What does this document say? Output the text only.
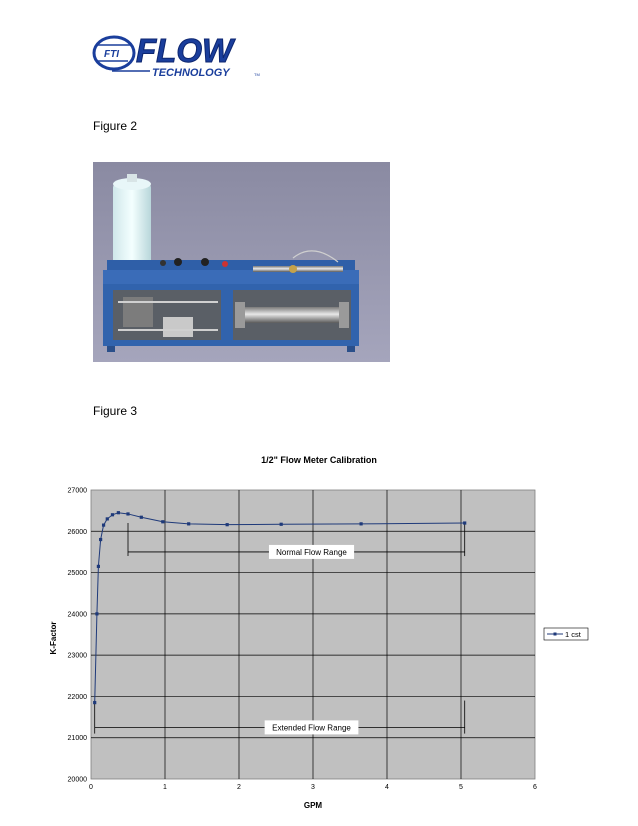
FTI FLOW
TECHNOLOGY	TM
Figure 2
Figure 3
1/2" Flow Meter Calibration
20000
21000
22000
23000
24000
25000
26000
27000
0	1	2	3	4	5	6
Normal Flow Range
Extended Flow Range
GPM
K-Factor	1 cst
